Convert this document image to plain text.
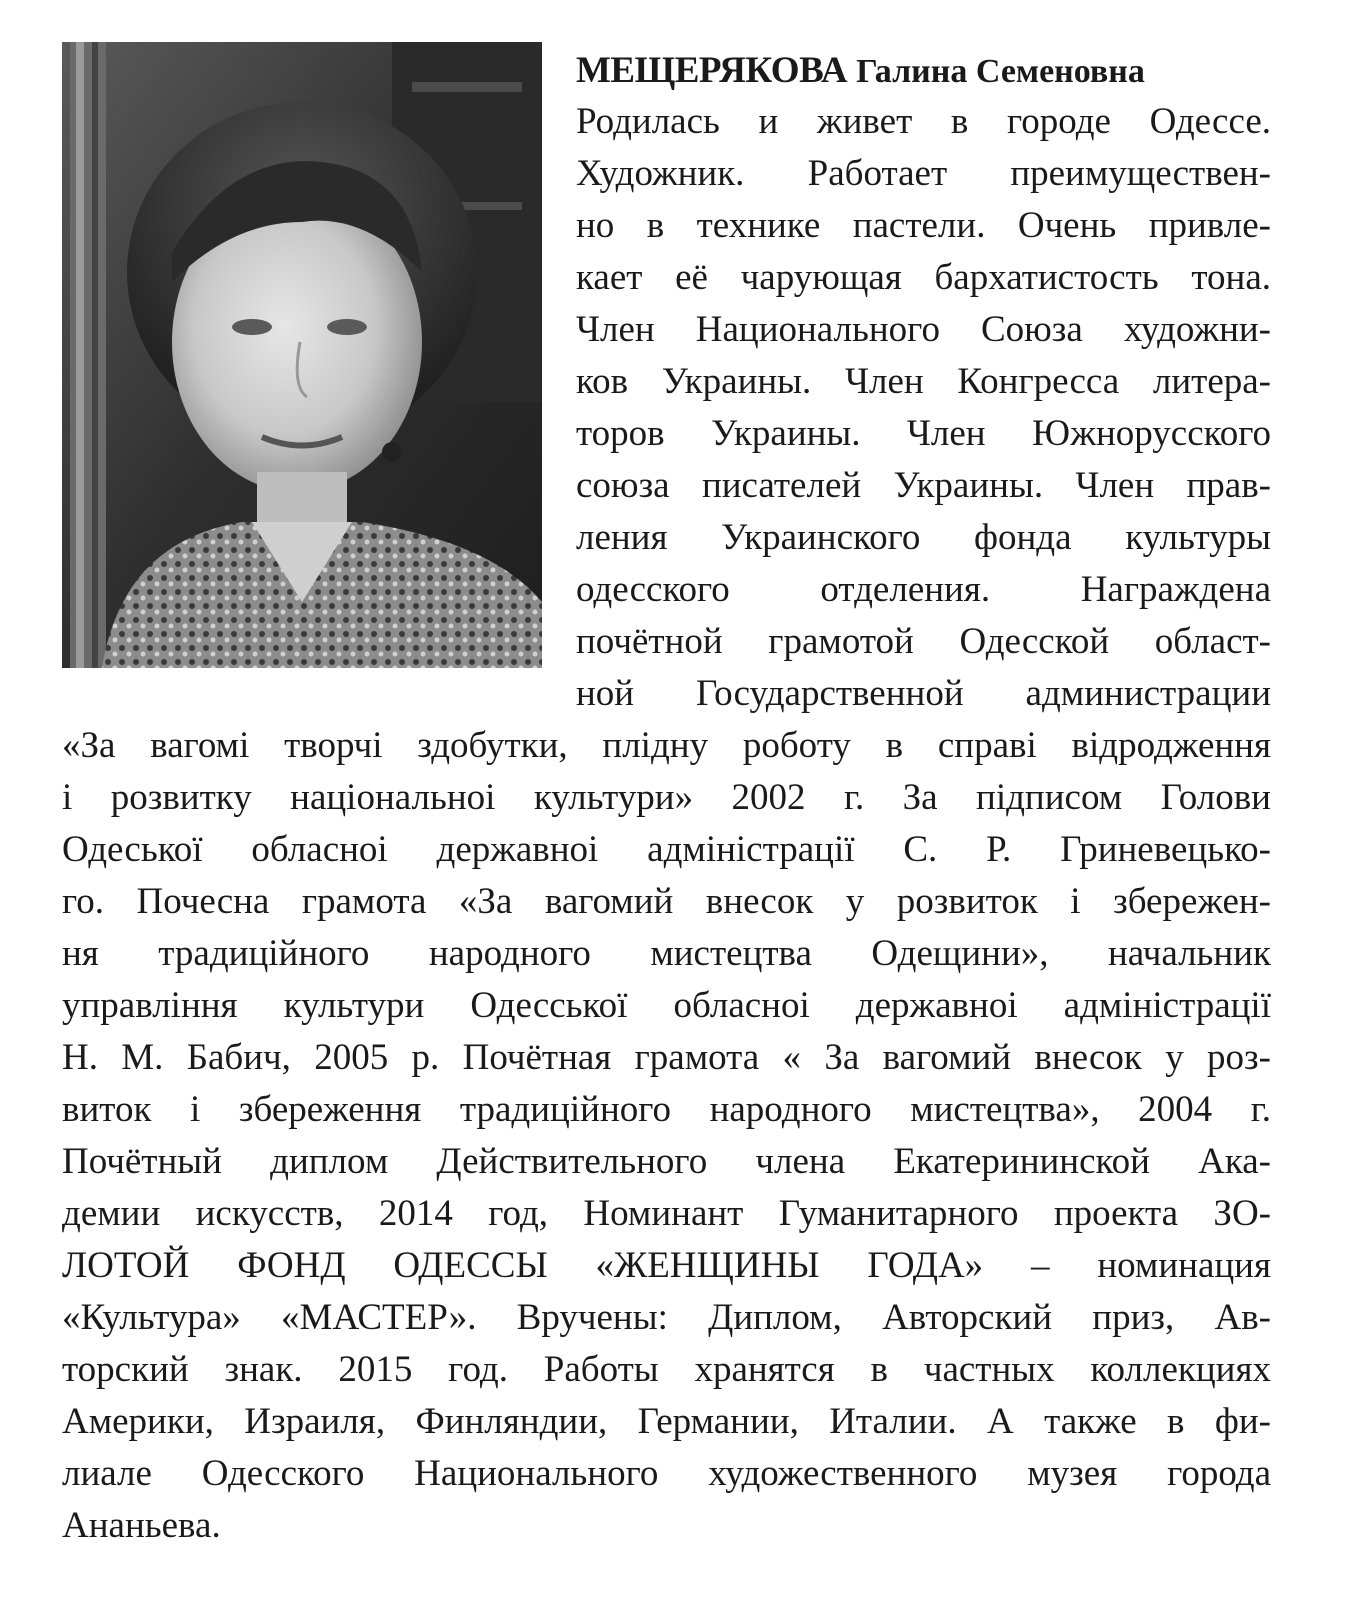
МЕЩЕРЯКОВА Галина Семеновна
Родилась и живет в городе Одессе.
Художник. Работает преимуществен-
но в технике пастели. Очень привле-
кает её чарующая бархатистость тона.
Член Национального Союза художни-
ков Украины. Член Конгресса литера-
торов Украины. Член Южнорусского
союза писателей Украины. Член прав-
ления Украинского фонда культуры
одесского отделения. Награждена
почётной грамотой Одесской област-
ной Государственной администрации
«За вагомі творчі здобутки, плідну роботу в справі відродження
і розвитку національноі культури» 2002 г. За підписом Голови
Одеської обласноі державноі адміністрації С. Р. Гриневецько-
го. Почесна грамота «За вагомий внесок у розвиток і збережен-
ня традиційного народного мистецтва Одещини», начальник
управління культури Одесської обласноі державноі адміністрації
Н. М. Бабич, 2005 р. Почётная грамота « За вагомий внесок у роз-
виток і збереження традиційного народного мистецтва», 2004 г.
Почётный диплом Действительного члена Екатерининской Ака-
демии искусств, 2014 год, Номинант Гуманитарного проекта ЗО-
ЛОТОЙ ФОНД ОДЕССЫ «ЖЕНЩИНЫ ГОДА» – номинация
«Культура» «МАСТЕР». Вручены: Диплом, Авторский приз, Ав-
торский знак. 2015 год. Работы хранятся в частных коллекциях
Америки, Израиля, Финляндии, Германии, Италии. А также в фи-
лиале Одесского Национального художественного музея города
Ананьева.
